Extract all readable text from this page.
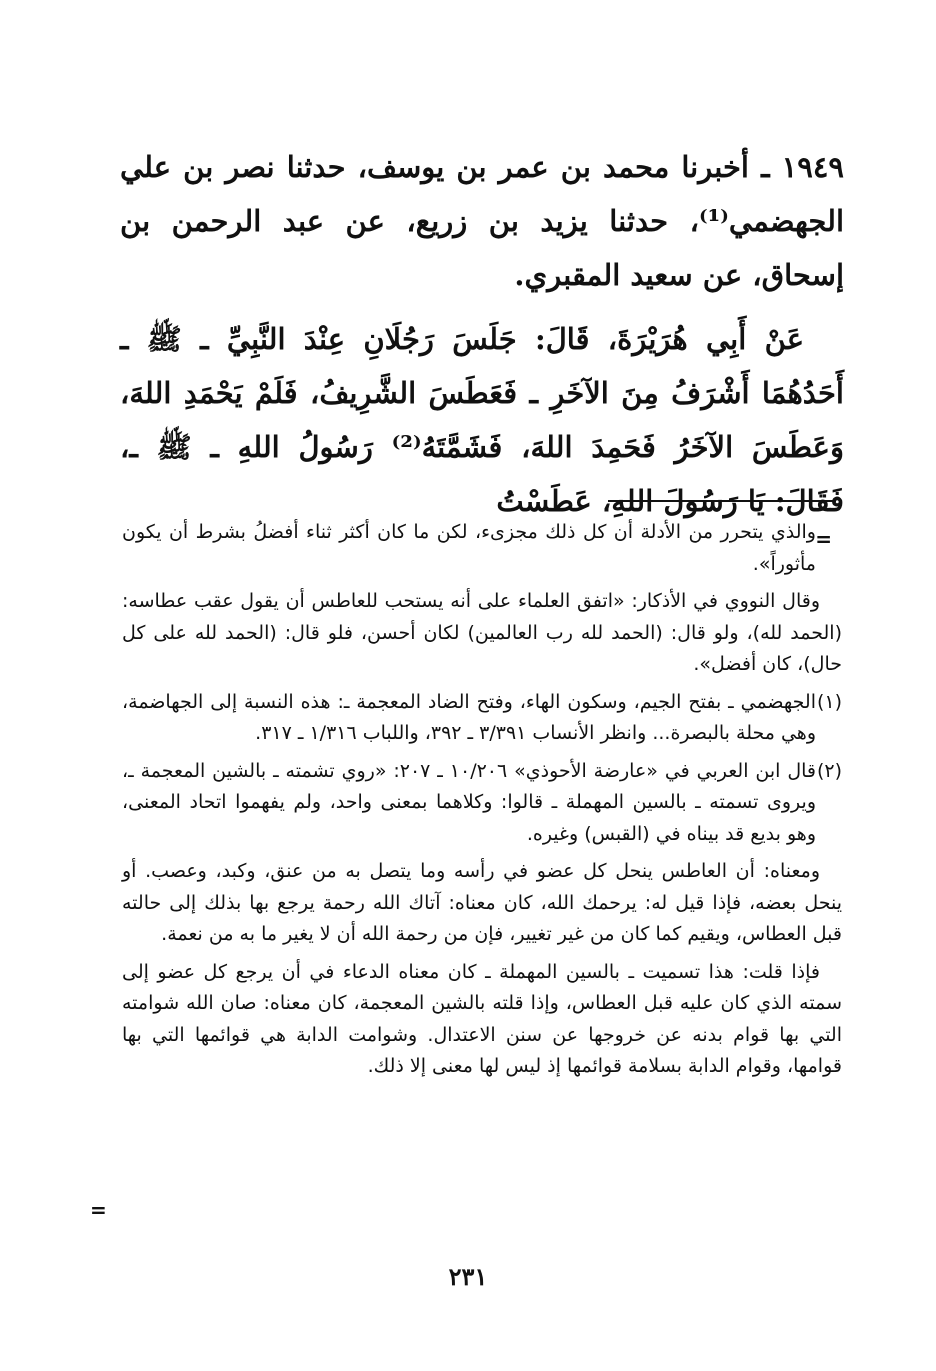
١٩٤٩ ـ أخبرنا محمد بن عمر بن يوسف، حدثنا نصر بن علي الجهضمي⁽¹⁾، حدثنا يزيد بن زريع، عن عبد الرحمن بن إسحاق، عن سعيد المقبري.

عَنْ أَبِي هُرَيْرَةَ، قَالَ: جَلَسَ رَجُلَانِ عِنْدَ النَّبِيِّ ـ ﷺ ـ أَحَدُهُمَا أَشْرَفُ مِنَ الآخَرِ ـ فَعَطَسَ الشَّرِيفُ، فَلَمْ يَحْمَدِ اللهَ، وَعَطَسَ الآخَرُ فَحَمِدَ اللهَ، فَشَمَّتَهُ⁽²⁾ رَسُولُ اللهِ ـ ﷺ ـ، فَقَالَ: يَا رَسُولَ اللهِ، عَطَسْتُ

=

والذي يتحرر من الأدلة أن كل ذلك مجزىء، لكن ما كان أكثر ثناء أفضلُ بشرط أن يكون مأثوراً».

وقال النووي في الأذكار: «اتفق العلماء على أنه يستحب للعاطس أن يقول عقب عطاسه: (الحمد لله)، ولو قال: (الحمد لله رب العالمين) لكان أحسن، فلو قال: (الحمد لله على كل حال)، كان أفضل».

(١)
الجهضمي ـ بفتح الجيم، وسكون الهاء، وفتح الضاد المعجمة ـ: هذه النسبة إلى الجهاضمة، وهي محلة بالبصرة... وانظر الأنساب ٣/٣٩١ ـ ٣٩٢، واللباب ١/٣١٦ ـ ٣١٧.

(٢)
قال ابن العربي في «عارضة الأحوذي» ١٠/٢٠٦ ـ ٢٠٧: «روي تشمته ـ بالشين المعجمة ـ، ويروى تسمته ـ بالسين المهملة ـ قالوا: وكلاهما بمعنى واحد، ولم يفهموا اتحاد المعنى، وهو بديع قد بيناه في (القبس) وغيره.

ومعناه: أن العاطس ينحل كل عضو في رأسه وما يتصل به من عنق، وكبد، وعصب. أو ينحل بعضه، فإذا قيل له: يرحمك الله، كان معناه: آتاك الله رحمة يرجع بها بذلك إلى حالته قبل العطاس، ويقيم كما كان من غير تغيير، فإن من رحمة الله أن لا يغير ما به من نعمة.

فإذا قلت: هذا تسميت ـ بالسين المهملة ـ كان معناه الدعاء في أن يرجع كل عضو إلى سمته الذي كان عليه قبل العطاس، وإذا قلته بالشين المعجمة، كان معناه: صان الله شوامته التي بها قوام بدنه عن خروجها عن سنن الاعتدال. وشوامت الدابة هي قوائمها التي بها قوامها، وقوام الدابة بسلامة قوائمها إذ ليس لها معنى إلا ذلك.

=
٢٣١
